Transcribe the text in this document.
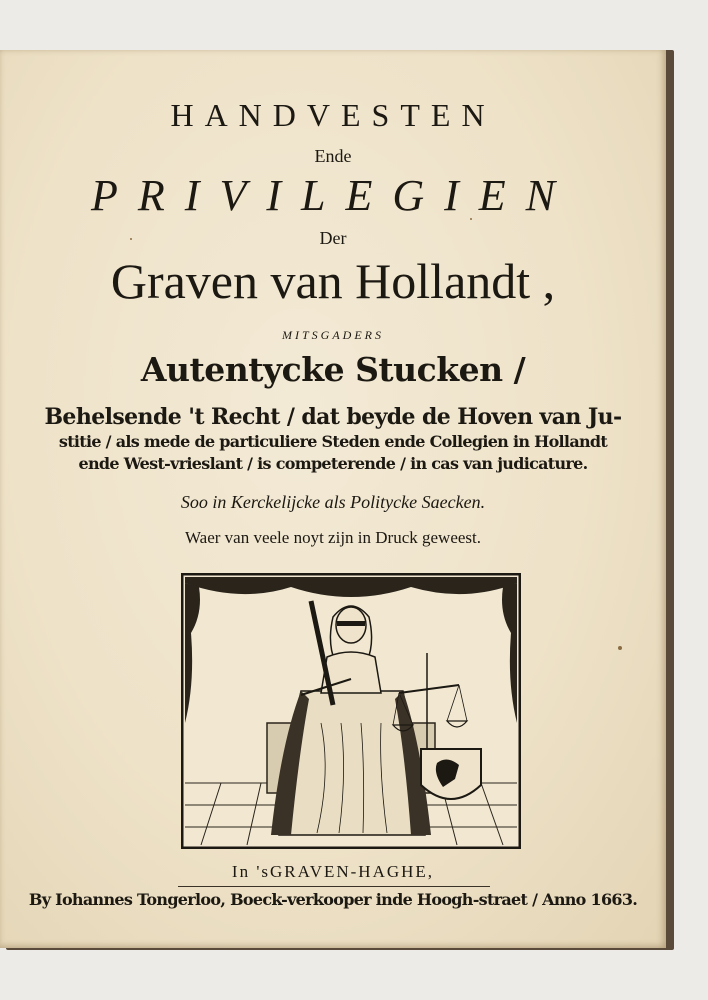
HANDVESTEN
Ende
PRIVILEGIEN
Der
Graven van Hollandt ,
MITSGADERS
Autentycke Stucken /
Behelsende 't Recht / dat beyde de Hoven van Ju-
stitie / als mede de particuliere Steden ende Collegien in Hollandt
ende West-vrieslant / is competerende / in cas van judicature.
Soo in Kerckelijcke als Politycke Saecken.
Waer van veele noyt zijn in Druck geweest.
In 'sGRAVEN-HAGHE,
By Iohannes Tongerloo, Boeck-verkooper inde Hoogh-straet / Anno 1663.
